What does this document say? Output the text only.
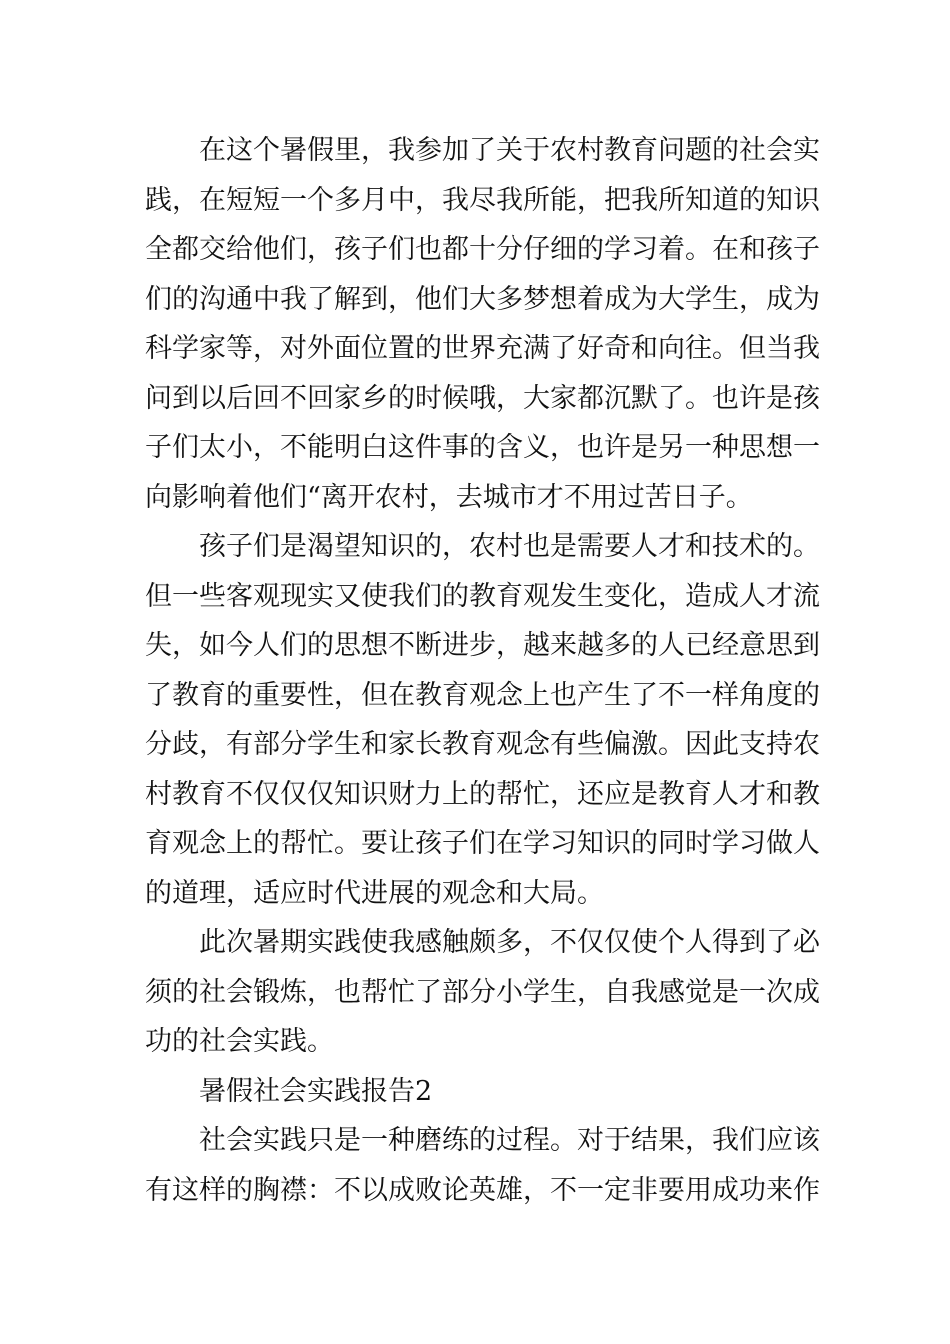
在这个暑假里，我参加了关于农村教育问题的社会实
践，在短短一个多月中，我尽我所能，把我所知道的知识
全都交给他们，孩子们也都十分仔细的学习着。在和孩子
们的沟通中我了解到，他们大多梦想着成为大学生，成为
科学家等，对外面位置的世界充满了好奇和向往。但当我
问到以后回不回家乡的时候哦，大家都沉默了。也许是孩
子们太小，不能明白这件事的含义，也许是另一种思想一
向影响着他们“离开农村，去城市才不用过苦日子。
孩子们是渴望知识的，农村也是需要人才和技术的。
但一些客观现实又使我们的教育观发生变化，造成人才流
失，如今人们的思想不断进步，越来越多的人已经意思到
了教育的重要性，但在教育观念上也产生了不一样角度的
分歧，有部分学生和家长教育观念有些偏激。因此支持农
村教育不仅仅仅知识财力上的帮忙，还应是教育人才和教
育观念上的帮忙。要让孩子们在学习知识的同时学习做人
的道理，适应时代进展的观念和大局。
此次暑期实践使我感触颇多，不仅仅使个人得到了必
须的社会锻炼，也帮忙了部分小学生，自我感觉是一次成
功的社会实践。
暑假社会实践报告2
社会实践只是一种磨练的过程。对于结果，我们应该
有这样的胸襟：不以成败论英雄，不一定非要用成功来作
